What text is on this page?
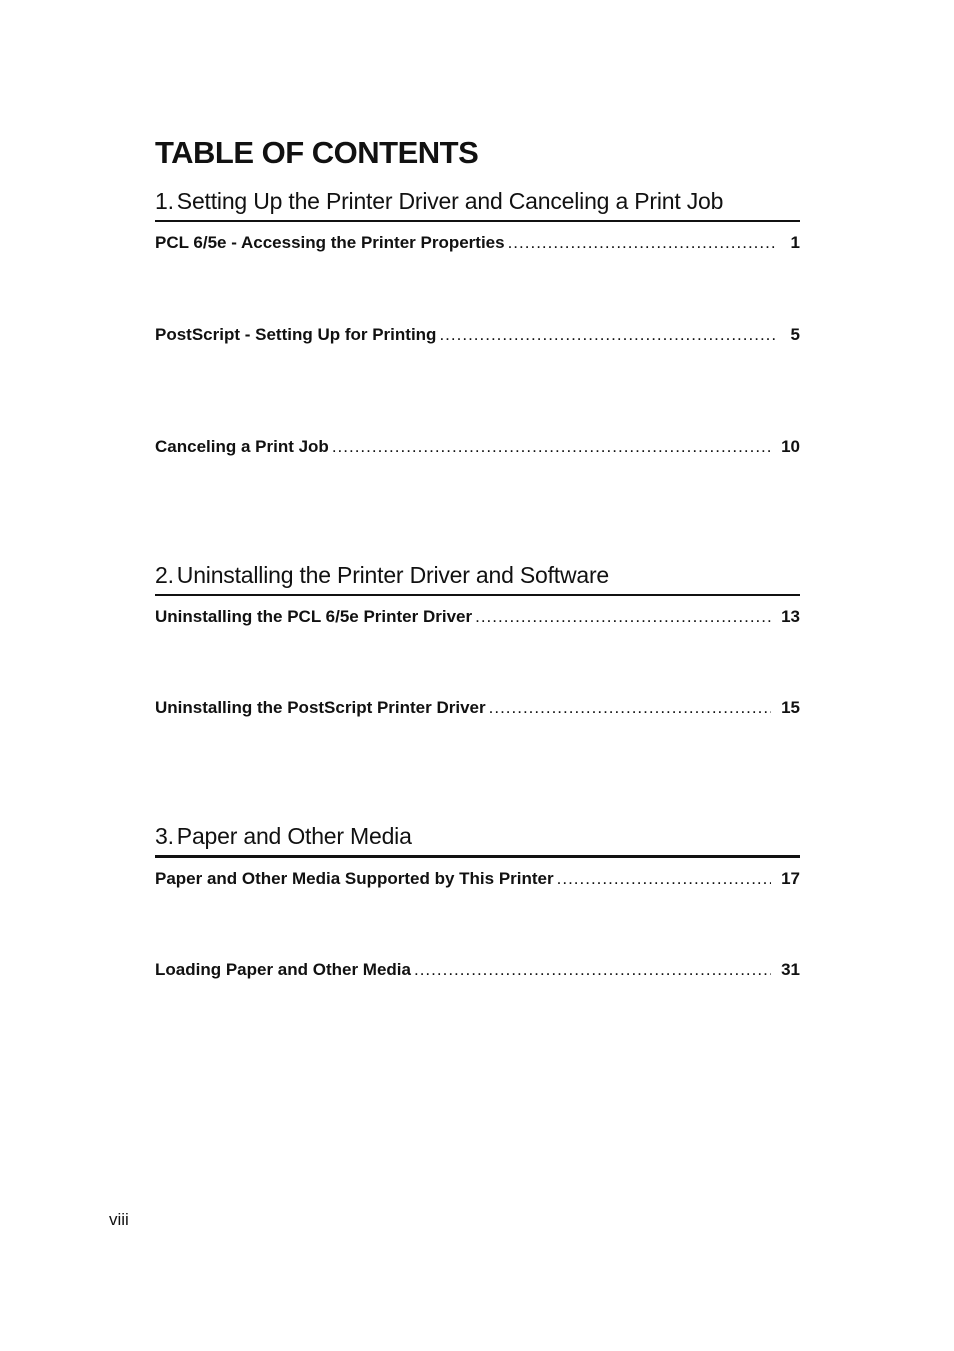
TABLE OF CONTENTS
1. Setting Up the Printer Driver and Canceling a Print Job
PCL 6/5e - Accessing the Printer Properties .....	1
PostScript - Setting Up for Printing .....	5
Canceling a Print Job .....	10
2. Uninstalling the Printer Driver and Software
Uninstalling the PCL 6/5e Printer Driver .....	13
Uninstalling the PostScript Printer Driver .....	15
3. Paper and Other Media
Paper and Other Media Supported by This Printer .....	17
Loading Paper and Other Media .....	31
viii
